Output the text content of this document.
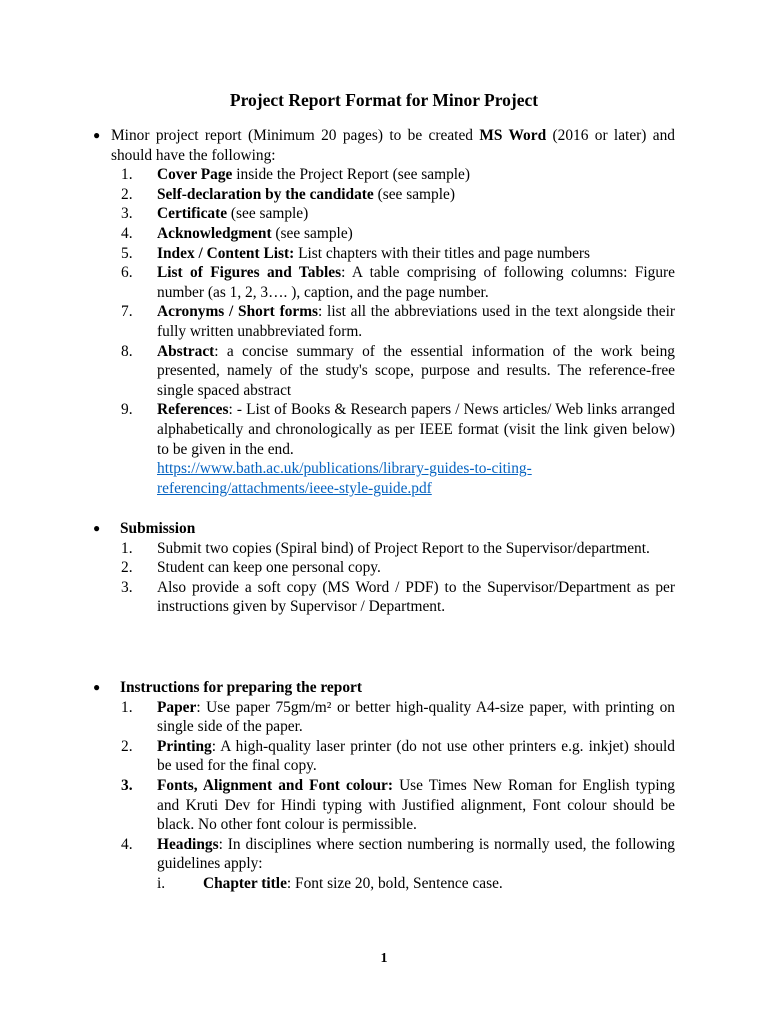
Project Report Format for Minor Project
● Minor project report (Minimum 20 pages) to be created MS Word (2016 or later) and should have the following:
1.	Cover Page inside the Project Report (see sample)
2.	Self-declaration by the candidate (see sample)
3.	Certificate (see sample)
4.	Acknowledgment (see sample)
5.	Index / Content List: List chapters with their titles and page numbers
6.	List of Figures and Tables: A table comprising of following columns: Figure number (as 1, 2, 3…. ), caption, and the page number.
7.	Acronyms / Short forms: list all the abbreviations used in the text alongside their fully written unabbreviated form.
8.	Abstract: a concise summary of the essential information of the work being presented, namely of the study's scope, purpose and results. The reference-free single spaced abstract
9.	References: - List of Books & Research papers / News articles/ Web links arranged alphabetically and chronologically as per IEEE format (visit the link given below) to be given in the end.
https://www.bath.ac.uk/publications/library-guides-to-citing-
referencing/attachments/ieee-style-guide.pdf
● Submission
1.	Submit two copies (Spiral bind) of Project Report to the Supervisor/department.
2.	Student can keep one personal copy.
3.	Also provide a soft copy (MS Word / PDF) to the Supervisor/Department as per instructions given by Supervisor / Department.
● Instructions for preparing the report
1.	Paper: Use paper 75gm/m² or better high-quality A4-size paper, with printing on single side of the paper.
2.	Printing: A high-quality laser printer (do not use other printers e.g. inkjet) should be used for the final copy.
3.	Fonts, Alignment and Font colour: Use Times New Roman for English typing and Kruti Dev for Hindi typing with Justified alignment, Font colour should be black. No other font colour is permissible.
4.	Headings: In disciplines where section numbering is normally used, the following guidelines apply:
i. Chapter title: Font size 20, bold, Sentence case.
1
